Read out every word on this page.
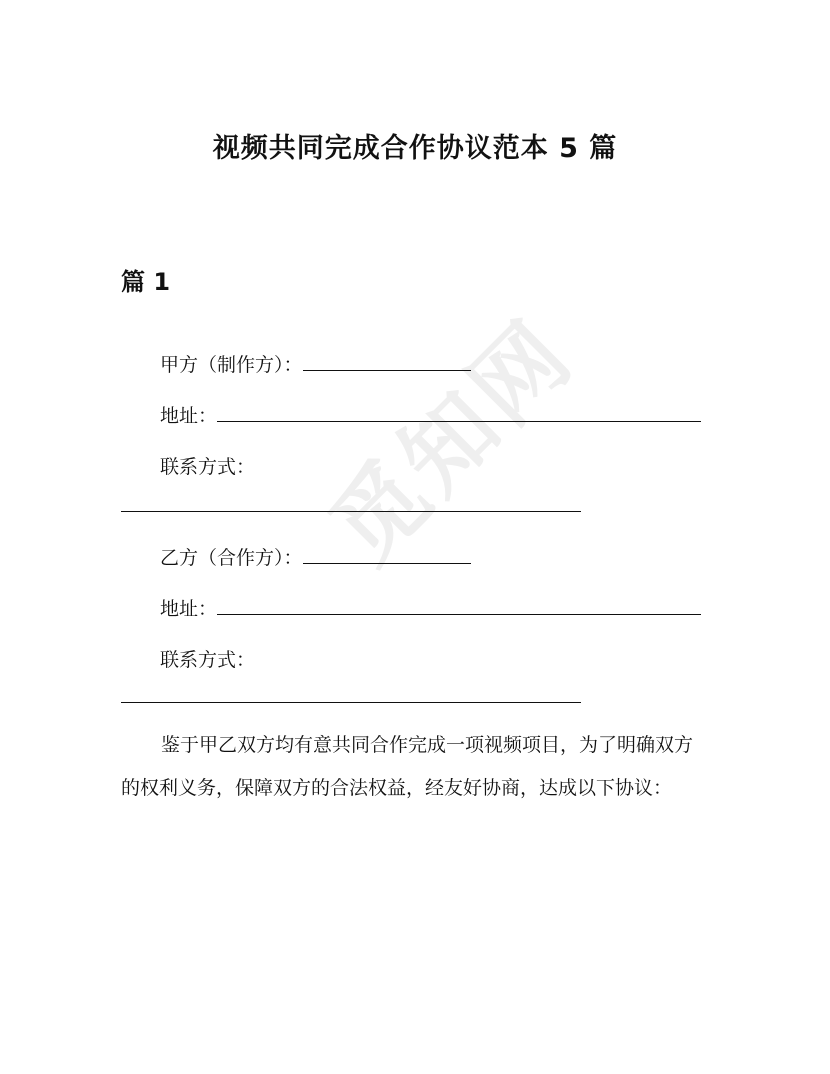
觅知网
视频共同完成合作协议范本 5 篇
篇 1
甲方（制作方）：
地址：
联系方式：
乙方（合作方）：
地址：
联系方式：
鉴于甲乙双方均有意共同合作完成一项视频项目，为了明确双方的权利义务，保障双方的合法权益，经友好协商，达成以下协议：
